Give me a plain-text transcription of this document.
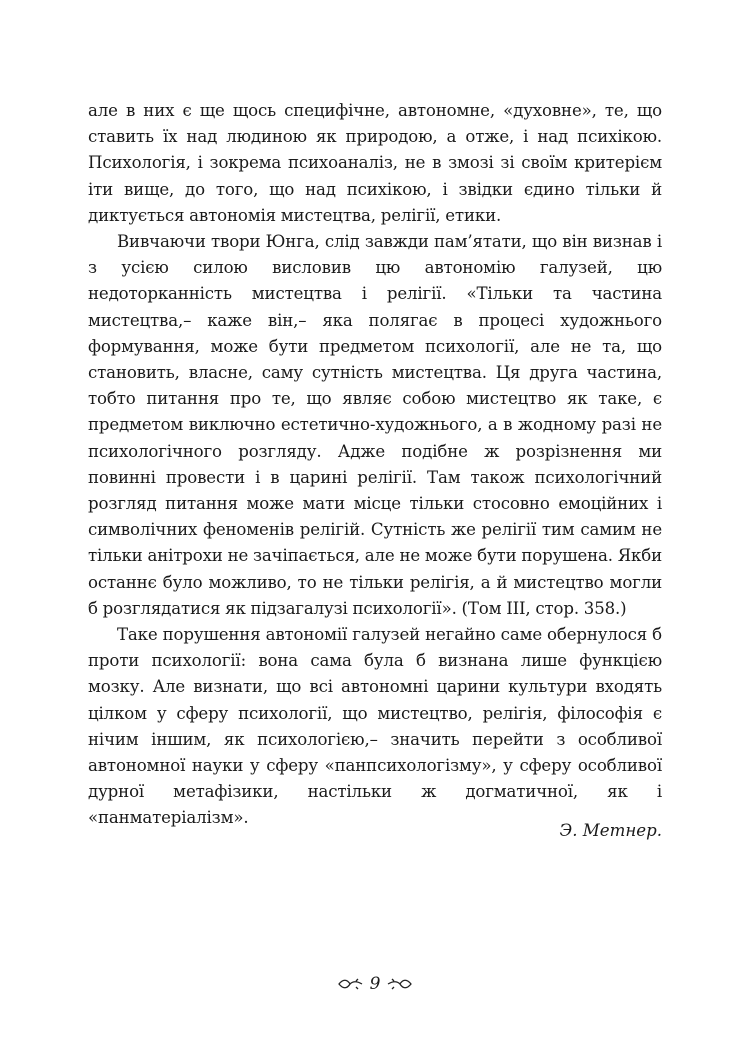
але в них є ще щось специфічне, автономне, «духовне», те, що ставить їх над людиною як природою, а отже, і над психікою. Психологія, і зокрема психоаналіз, не в змозі зі своїм критерієм іти вище, до того, що над психікою, і звідки єдино тільки й диктується автономія мистецтва, релігії, етики.

Вивчаючи твори Юнга, слід завжди пам’ятати, що він визнав і з усією силою висловив цю автономію галузей, цю недоторканність мистецтва і релігії. «Тільки та частина мистецтва,– каже він,– яка полягає в процесі художнього формування, може бути предметом психології, але не та, що становить, власне, саму сутність мистецтва. Ця друга частина, тобто питання про те, що являє собою мистецтво як таке, є предметом виключно естетично-художнього, а в жодному разі не психологічного розгляду. Адже подібне ж розрізнення ми повинні провести і в царині релігії. Там також психологічний розгляд питання може мати місце тільки стосовно емоційних і символічних феноменів релігій. Сутність же релігії тим самим не тільки анітрохи не зачіпається, але не може бути порушена. Якби останнє було можливо, то не тільки релігія, а й мистецтво могли б розглядатися як підзагалузі психології». (Том III, стор. 358.)

Таке порушення автономії галузей негайно саме обернулося б проти психології: вона сама була б визнана лише функцією мозку. Але визнати, що всі автономні царини культури входять цілком у сферу психології, що мистецтво, релігія, філософія є нічим іншим, як психологією,– значить перейти з особливої автономної науки у сферу «панпсихологізму», у сферу особливої дурної метафізики, настільки ж догматичної, як і «панматеріалізм».

Э. Метнер.
9
